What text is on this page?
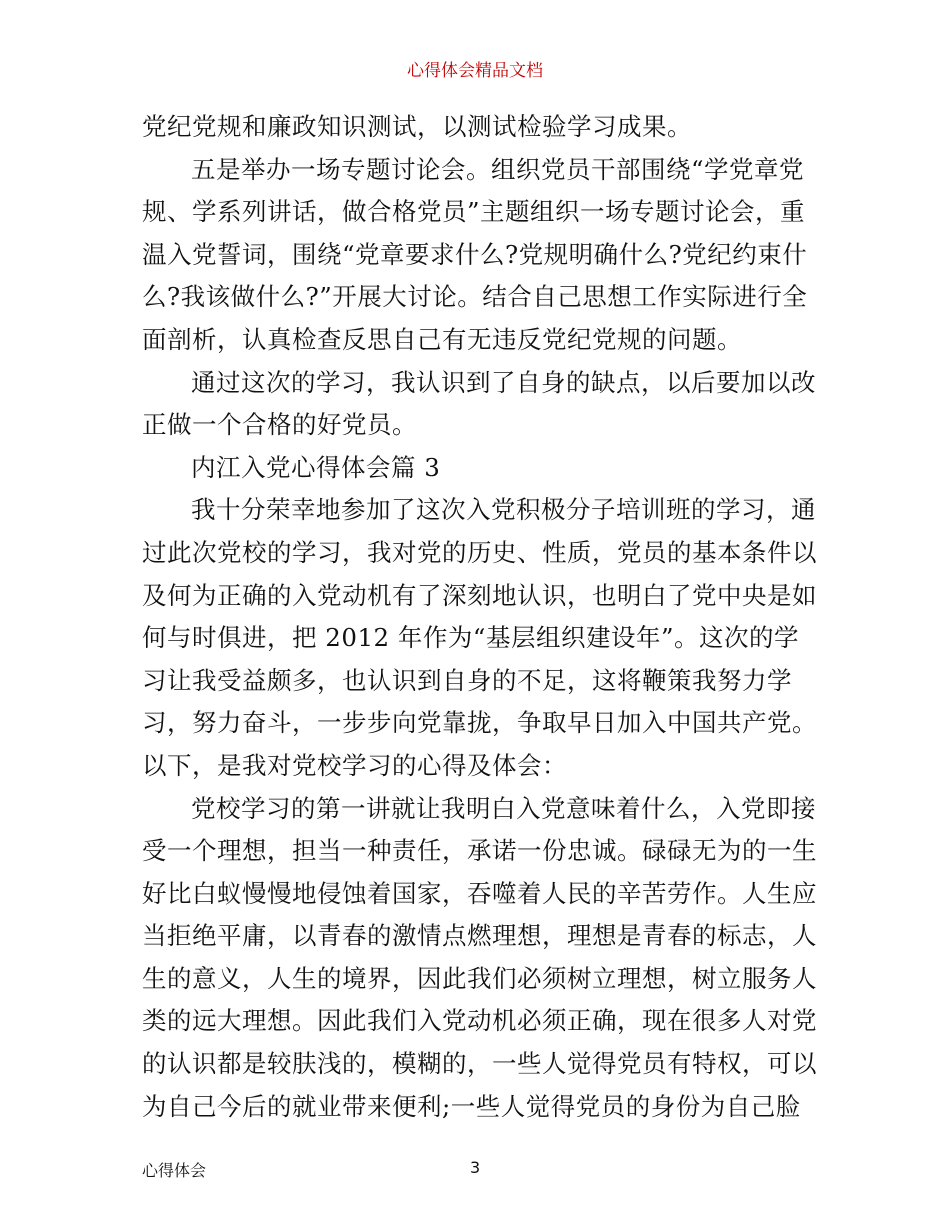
心得体会精品文档
党纪党规和廉政知识测试，以测试检验学习成果。
五是举办一场专题讨论会。组织党员干部围绕“学党章党
规、学系列讲话，做合格党员”主题组织一场专题讨论会，重
温入党誓词，围绕“党章要求什么?党规明确什么?党纪约束什
么?我该做什么?”开展大讨论。结合自己思想工作实际进行全
面剖析，认真检查反思自己有无违反党纪党规的问题。
通过这次的学习，我认识到了自身的缺点，以后要加以改
正做一个合格的好党员。
内江入党心得体会篇 3
我十分荣幸地参加了这次入党积极分子培训班的学习，通
过此次党校的学习，我对党的历史、性质，党员的基本条件以
及何为正确的入党动机有了深刻地认识，也明白了党中央是如
何与时俱进，把 2012 年作为“基层组织建设年”。这次的学
习让我受益颇多，也认识到自身的不足，这将鞭策我努力学
习，努力奋斗，一步步向党靠拢，争取早日加入中国共产党。
以下，是我对党校学习的心得及体会：
党校学习的第一讲就让我明白入党意味着什么，入党即接
受一个理想，担当一种责任，承诺一份忠诚。碌碌无为的一生
好比白蚁慢慢地侵蚀着国家，吞噬着人民的辛苦劳作。人生应
当拒绝平庸，以青春的激情点燃理想，理想是青春的标志，人
生的意义，人生的境界，因此我们必须树立理想，树立服务人
类的远大理想。因此我们入党动机必须正确，现在很多人对党
的认识都是较肤浅的，模糊的，一些人觉得党员有特权，可以
为自己今后的就业带来便利;一些人觉得党员的身份为自己脸
心得体会	3
